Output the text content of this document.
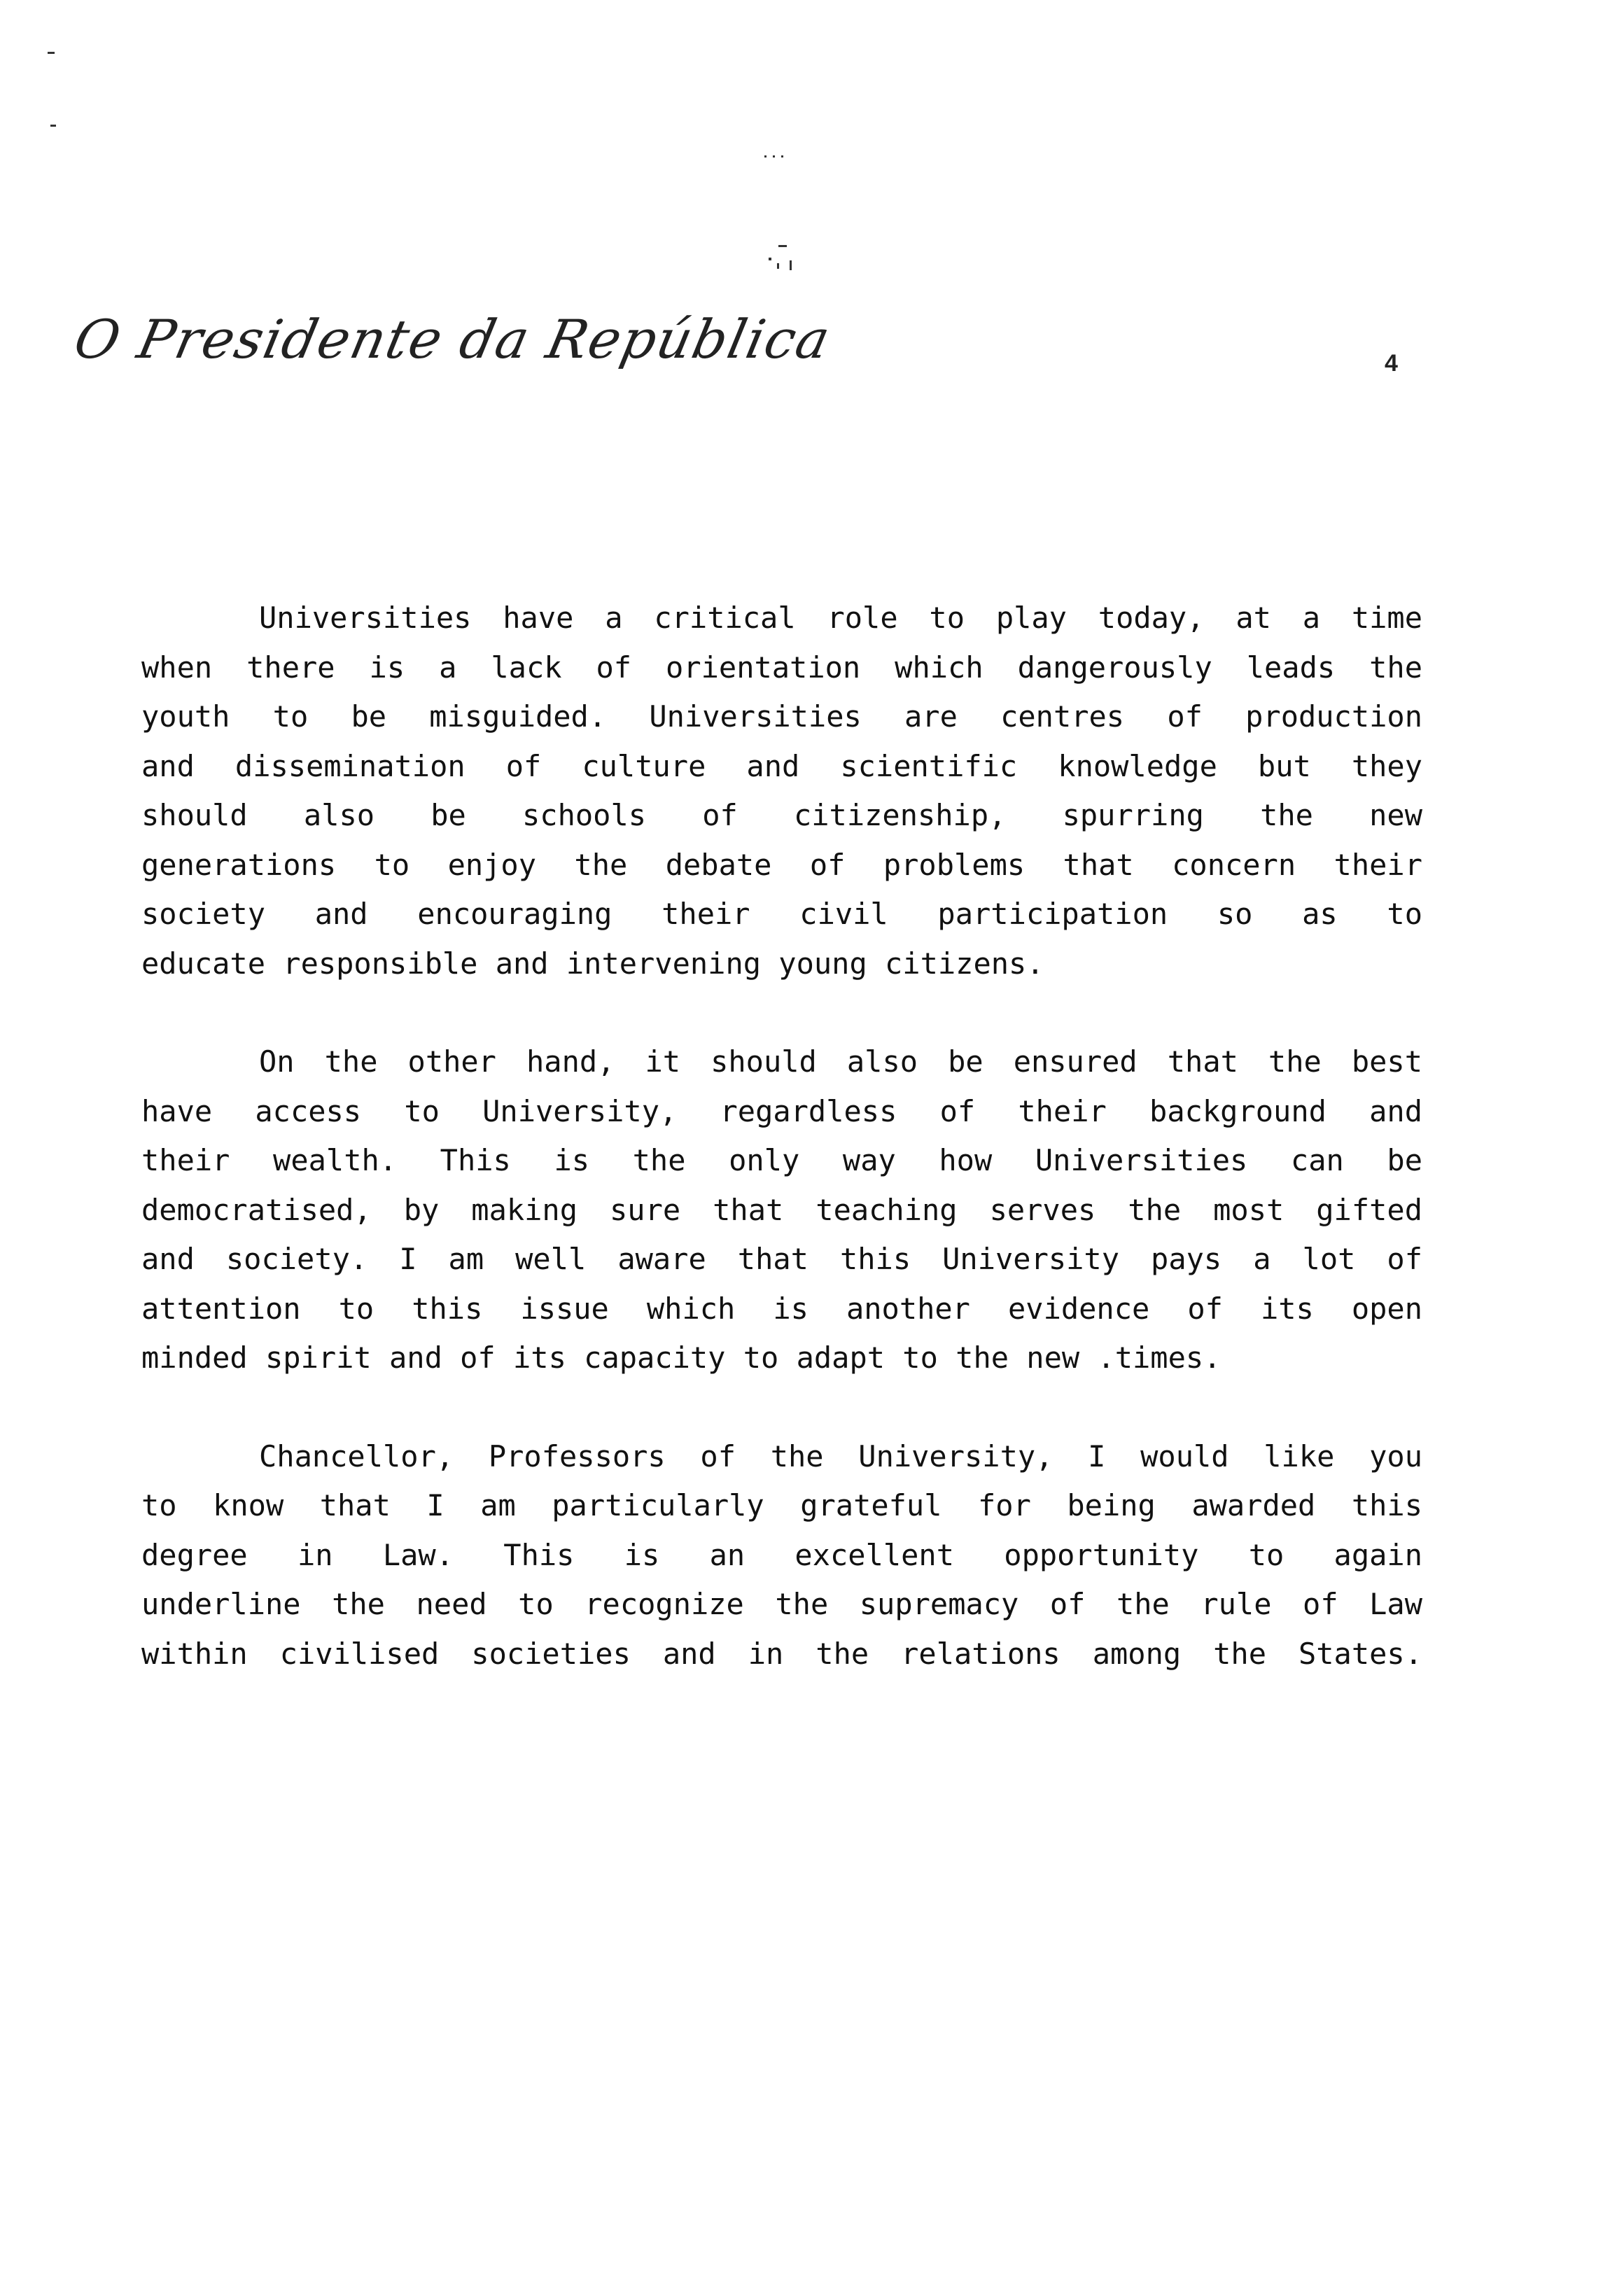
O Presidente da República	4
Universities have a critical role to play today, at a time
when there is a lack of orientation which dangerously leads the
youth to be misguided. Universities are centres of production
and dissemination of culture and scientific knowledge but they
should also be schools of citizenship, spurring the new
generations to enjoy the debate of problems that concern their
society and encouraging their civil participation so as to
educate responsible and intervening young citizens.
On the other hand, it should also be ensured that the best
have access to University, regardless of their background and
their wealth. This is the only way how Universities can be
democratised, by making sure that teaching serves the most gifted
and society. I am well aware that this University pays a lot of
attention to this issue which is another evidence of its open
minded spirit and of its capacity to adapt to the new .times.
Chancellor, Professors of the University, I would like you
to know that I am particularly grateful for being awarded this
degree in Law. This is an excellent opportunity to again
underline the need to recognize the supremacy of the rule of Law
within civilised societies and in the relations among the States.
